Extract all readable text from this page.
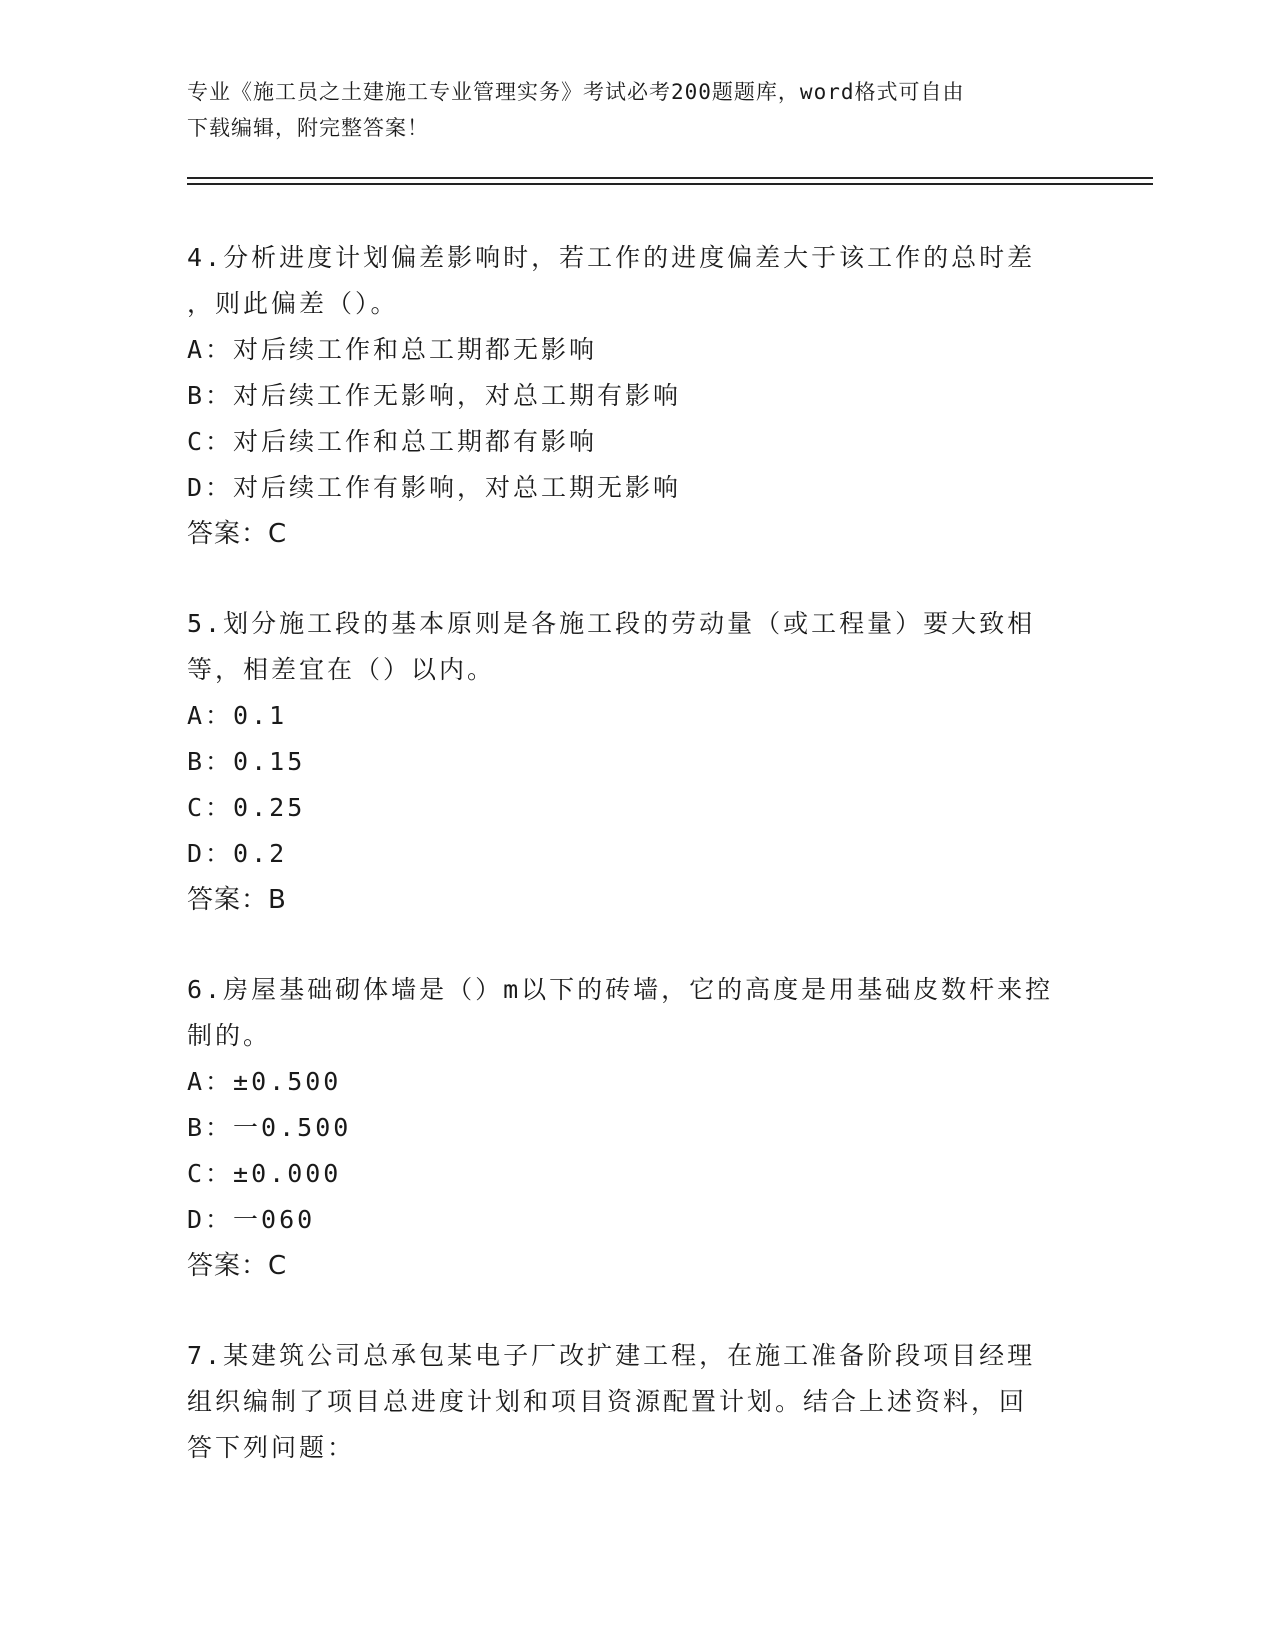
专业《施工员之土建施工专业管理实务》考试必考200题题库，word格式可自由
下载编辑，附完整答案！
4.分析进度计划偏差影响时，若工作的进度偏差大于该工作的总时差
，则此偏差（）。
A：对后续工作和总工期都无影响
B：对后续工作无影响，对总工期有影响
C：对后续工作和总工期都有影响
D：对后续工作有影响，对总工期无影响
答案：C
5.划分施工段的基本原则是各施工段的劳动量（或工程量）要大致相
等，相差宜在（）以内。
A：0.1
B：0.15
C：0.25
D：0.2
答案：B
6.房屋基础砌体墙是（）m以下的砖墙，它的高度是用基础皮数杆来控
制的。
A：±0.500
B：一0.500
C：±0.000
D：一060
答案：C
7.某建筑公司总承包某电子厂改扩建工程，在施工准备阶段项目经理
组织编制了项目总进度计划和项目资源配置计划。结合上述资料，回
答下列问题：
